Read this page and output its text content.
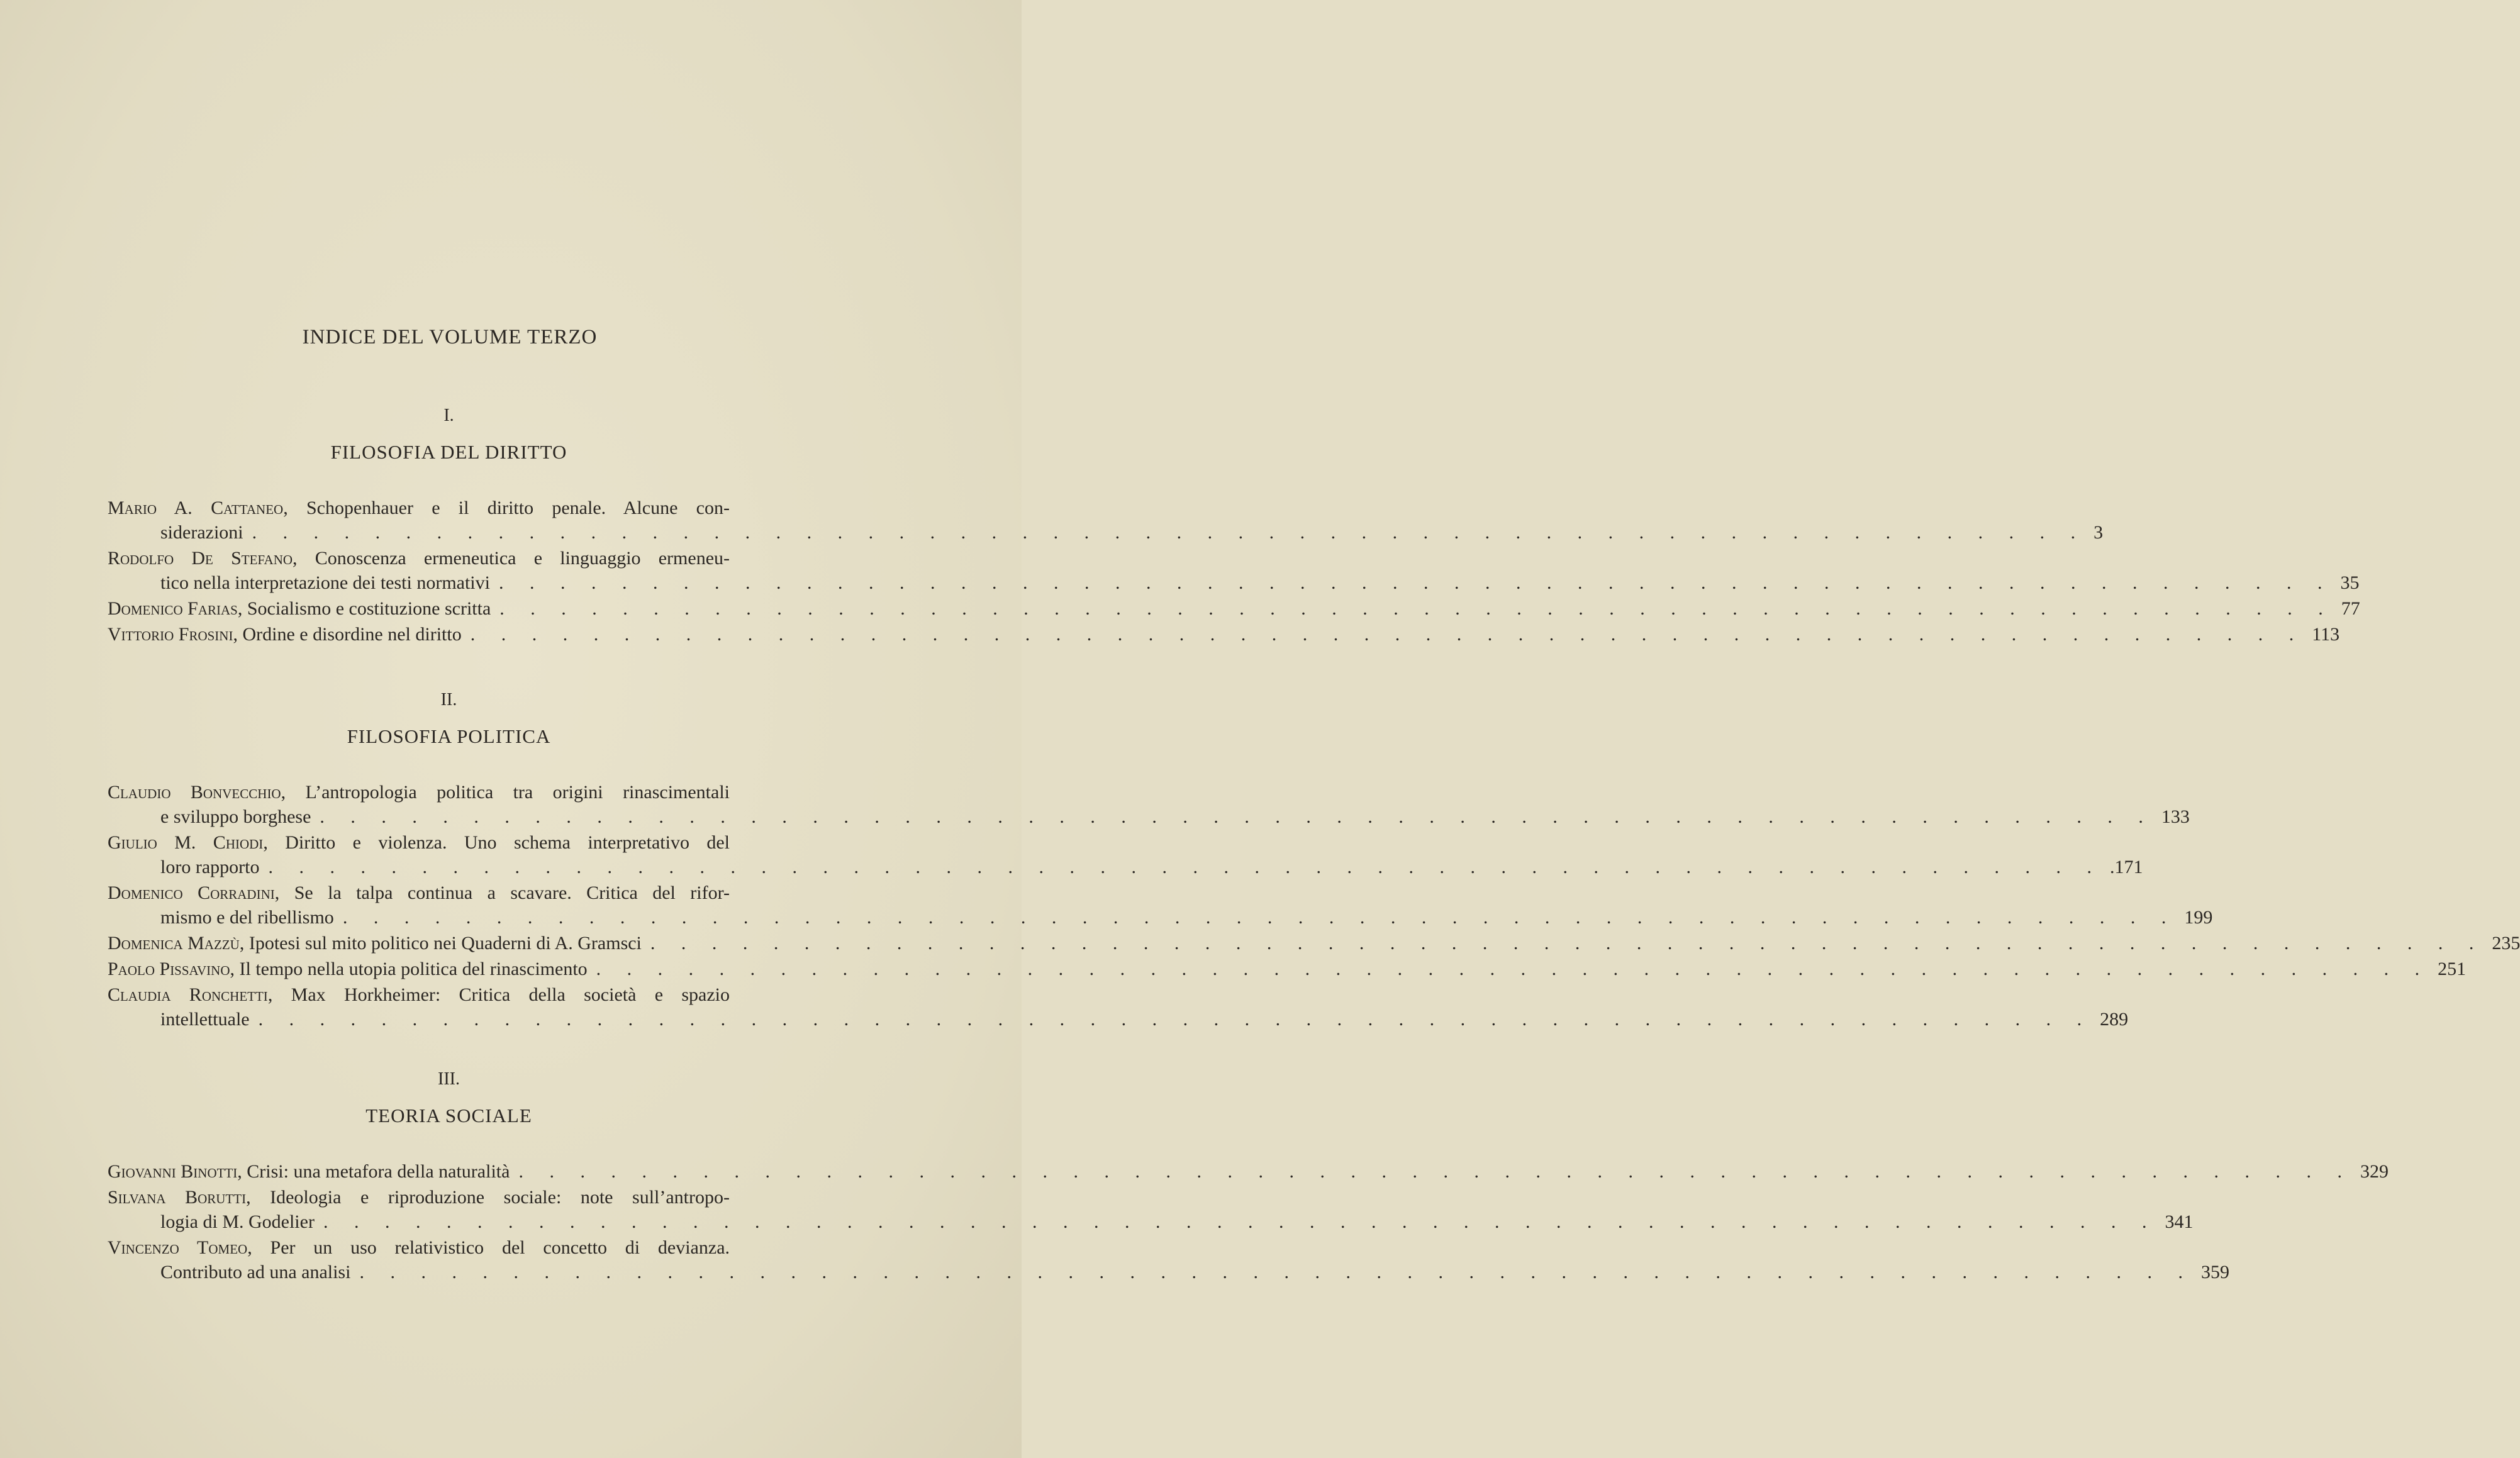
INDICE DEL VOLUME TERZO
I.
FILOSOFIA DEL DIRITTO
Mario A. Cattaneo, Schopenhauer e il diritto penale. Alcune con-
siderazioni . . . . . . . . . . . . . . . . . . . . . . . . . . . . . . . . . . . . . . . . . . . . . . . . . . . . . . . . . . . . 3
Rodolfo De Stefano, Conoscenza ermeneutica e linguaggio ermeneu-
tico nella interpretazione dei testi normativi . . . . . . . . . . . . . . . . . . . . . . . . . . . . . . . . . . . . . . . . . . . . . . . . . . . . . . . . . . . . 35
Domenico Farias, Socialismo e costituzione scritta . . . . . . . . . . . . . . . . . . . . . . . . . . . . . . . . . . . . . . . . . . . . . . . . . . . . . . . . . . . . 77
Vittorio Frosini, Ordine e disordine nel diritto . . . . . . . . . . . . . . . . . . . . . . . . . . . . . . . . . . . . . . . . . . . . . . . . . . . . . . . . . . . . 113
II.
FILOSOFIA POLITICA
Claudio Bonvecchio, L’antropologia politica tra origini rinascimentali
e sviluppo borghese . . . . . . . . . . . . . . . . . . . . . . . . . . . . . . . . . . . . . . . . . . . . . . . . . . . . . . . . . . . . 133
Giulio M. Chiodi, Diritto e violenza. Uno schema interpretativo del
loro rapporto . . . . . . . . . . . . . . . . . . . . . . . . . . . . . . . . . . . . . . . . . . . . . . . . . . . . . . . . . . . . .171
Domenico Corradini, Se la talpa continua a scavare. Critica del rifor-
mismo e del ribellismo . . . . . . . . . . . . . . . . . . . . . . . . . . . . . . . . . . . . . . . . . . . . . . . . . . . . . . . . . . . . 199
Domenica Mazzù, Ipotesi sul mito politico nei Quaderni di A. Gramsci . . . . . . . . . . . . . . . . . . . . . . . . . . . . . . . . . . . . . . . . . . . . . . . . . . . . . . . . . . . . 235
Paolo Pissavino, Il tempo nella utopia politica del rinascimento . . . . . . . . . . . . . . . . . . . . . . . . . . . . . . . . . . . . . . . . . . . . . . . . . . . . . . . . . . . . 251
Claudia Ronchetti, Max Horkheimer: Critica della società e spazio
intellettuale . . . . . . . . . . . . . . . . . . . . . . . . . . . . . . . . . . . . . . . . . . . . . . . . . . . . . . . . . . . . 289
III.
TEORIA SOCIALE
Giovanni Binotti, Crisi: una metafora della naturalità . . . . . . . . . . . . . . . . . . . . . . . . . . . . . . . . . . . . . . . . . . . . . . . . . . . . . . . . . . . . 329
Silvana Borutti, Ideologia e riproduzione sociale: note sull’antropo-
logia di M. Godelier . . . . . . . . . . . . . . . . . . . . . . . . . . . . . . . . . . . . . . . . . . . . . . . . . . . . . . . . . . . . 341
Vincenzo Tomeo, Per un uso relativistico del concetto di devianza.
Contributo ad una analisi . . . . . . . . . . . . . . . . . . . . . . . . . . . . . . . . . . . . . . . . . . . . . . . . . . . . . . . . . . . . 359
